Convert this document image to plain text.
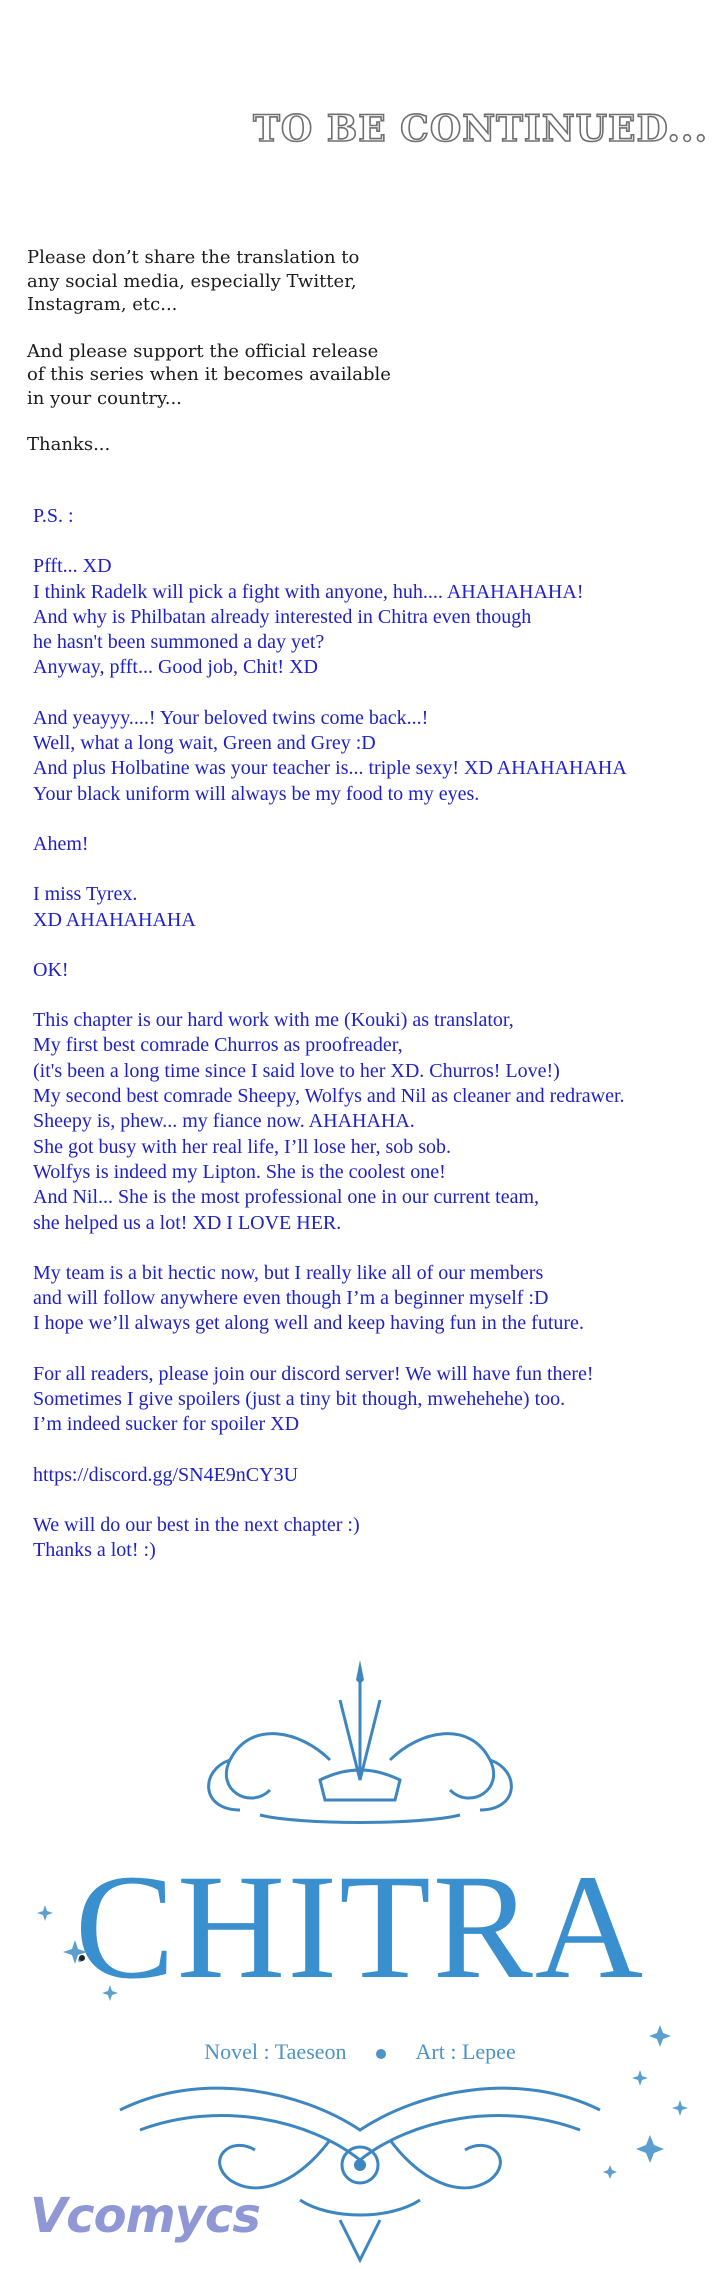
TO BE CONTINUED...

Please don’t share the translation to
any social media, especially Twitter,
Instagram, etc...

And please support the official release
of this series when it becomes available
in your country...

Thanks...

P.S. :

Pfft... XD
I think Radelk will pick a fight with anyone, huh.... AHAHAHAHA!
And why is Philbatan already interested in Chitra even though
he hasn't been summoned a day yet?
Anyway, pfft... Good job, Chit! XD

And yeayyy....! Your beloved twins come back...!
Well, what a long wait, Green and Grey :D
And plus Holbatine was your teacher is... triple sexy! XD AHAHAHAHA
Your black uniform will always be my food to my eyes.

Ahem!

I miss Tyrex.
XD AHAHAHAHA

OK!

This chapter is our hard work with me (Kouki) as translator,
My first best comrade Churros as proofreader,
(it's been a long time since I said love to her XD. Churros! Love!)
My second best comrade Sheepy, Wolfys and Nil as cleaner and redrawer.
Sheepy is, phew... my fiance now. AHAHAHA.
She got busy with her real life, I’ll lose her, sob sob.
Wolfys is indeed my Lipton. She is the coolest one!
And Nil... She is the most professional one in our current team,
she helped us a lot! XD I LOVE HER.

My team is a bit hectic now, but I really like all of our members
and will follow anywhere even though I’m a beginner myself :D
I hope we’ll always get along well and keep having fun in the future.

For all readers, please join our discord server! We will have fun there!
Sometimes I give spoilers (just a tiny bit though, mwehehehe) too.
I’m indeed sucker for spoiler XD

https://discord.gg/SN4E9nCY3U

We will do our best in the next chapter :)
Thanks a lot! :)

CHITRA
Novel : Taeseon	Art : Lepee
Vcomycs
